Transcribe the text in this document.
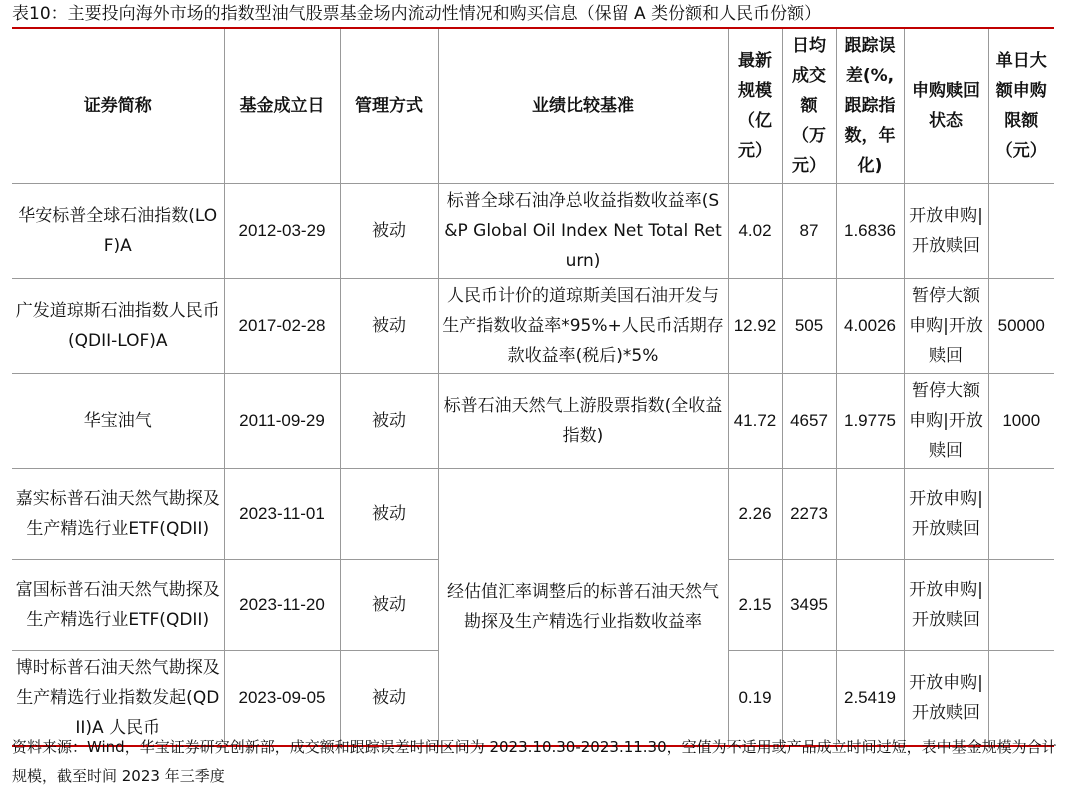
表10：主要投向海外市场的指数型油气股票基金场内流动性情况和购买信息（保留 A 类份额和人民币份额）
证券简称	基金成立日	管理方式	业绩比较基准	最新规模（亿元）	日均成交额（万元）	跟踪误差(%,跟踪指数，年化)	申购赎回状态	单日大额申购限额（元）
华安标普全球石油指数(LOF)A	2012-03-29	被动	标普全球石油净总收益指数收益率(S&P Global Oil Index Net Total Return)	4.02	87	1.6836	开放申购|开放赎回	
广发道琼斯石油指数人民币(QDII-LOF)A	2017-02-28	被动	人民币计价的道琼斯美国石油开发与生产指数收益率*95%+人民币活期存款收益率(税后)*5%	12.92	505	4.0026	暂停大额申购|开放赎回	50000
华宝油气	2011-09-29	被动	标普石油天然气上游股票指数(全收益指数)	41.72	4657	1.9775	暂停大额申购|开放赎回	1000
嘉实标普石油天然气勘探及生产精选行业ETF(QDII)	2023-11-01	被动	经估值汇率调整后的标普石油天然气勘探及生产精选行业指数收益率	2.26	2273		开放申购|开放赎回	
富国标普石油天然气勘探及生产精选行业ETF(QDII)	2023-11-20	被动		2.15	3495		开放申购|开放赎回	
博时标普石油天然气勘探及生产精选行业指数发起(QDII)A 人民币	2023-09-05	被动		0.19		2.5419	开放申购|开放赎回	
资料来源：Wind，华宝证券研究创新部，成交额和跟踪误差时间区间为 2023.10.30-2023.11.30，空值为不适用或产品成立时间过短，表中基金规模为合计规模，截至时间 2023 年三季度
